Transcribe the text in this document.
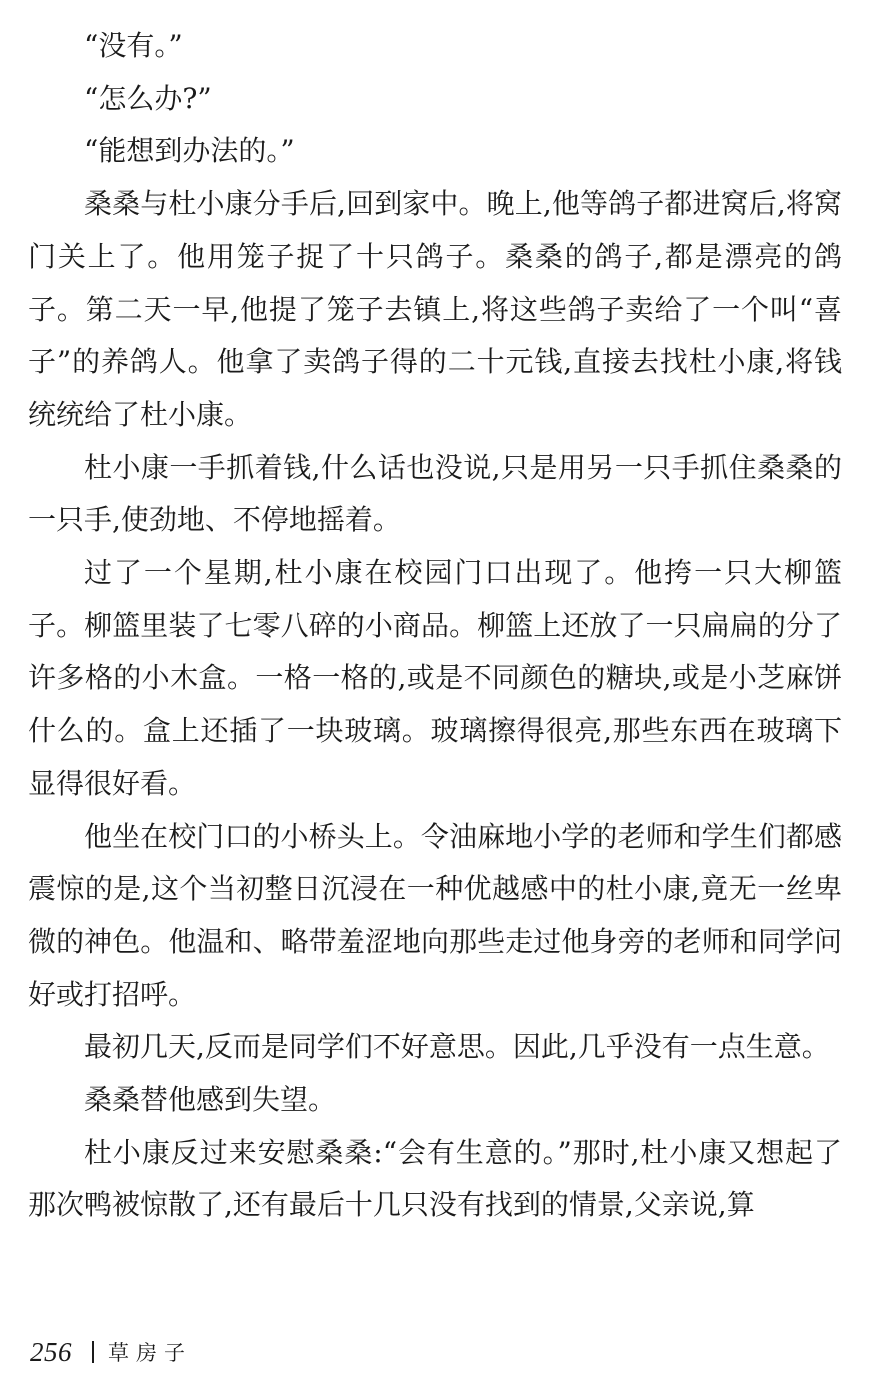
“没有。”

“怎么办?”

“能想到办法的。”

桑桑与杜小康分手后,回到家中。晚上,他等鸽子都进窝后,将窝门关上了。他用笼子捉了十只鸽子。桑桑的鸽子,都是漂亮的鸽子。第二天一早,他提了笼子去镇上,将这些鸽子卖给了一个叫“喜子”的养鸽人。他拿了卖鸽子得的二十元钱,直接去找杜小康,将钱统统给了杜小康。

杜小康一手抓着钱,什么话也没说,只是用另一只手抓住桑桑的一只手,使劲地、不停地摇着。

过了一个星期,杜小康在校园门口出现了。他挎一只大柳篮子。柳篮里装了七零八碎的小商品。柳篮上还放了一只扁扁的分了许多格的小木盒。一格一格的,或是不同颜色的糖块,或是小芝麻饼什么的。盒上还插了一块玻璃。玻璃擦得很亮,那些东西在玻璃下显得很好看。

他坐在校门口的小桥头上。令油麻地小学的老师和学生们都感震惊的是,这个当初整日沉浸在一种优越感中的杜小康,竟无一丝卑微的神色。他温和、略带羞涩地向那些走过他身旁的老师和同学问好或打招呼。

最初几天,反而是同学们不好意思。因此,几乎没有一点生意。

桑桑替他感到失望。

杜小康反过来安慰桑桑:“会有生意的。”那时,杜小康又想起了那次鸭被惊散了,还有最后十几只没有找到的情景,父亲说,算

256 草房子
